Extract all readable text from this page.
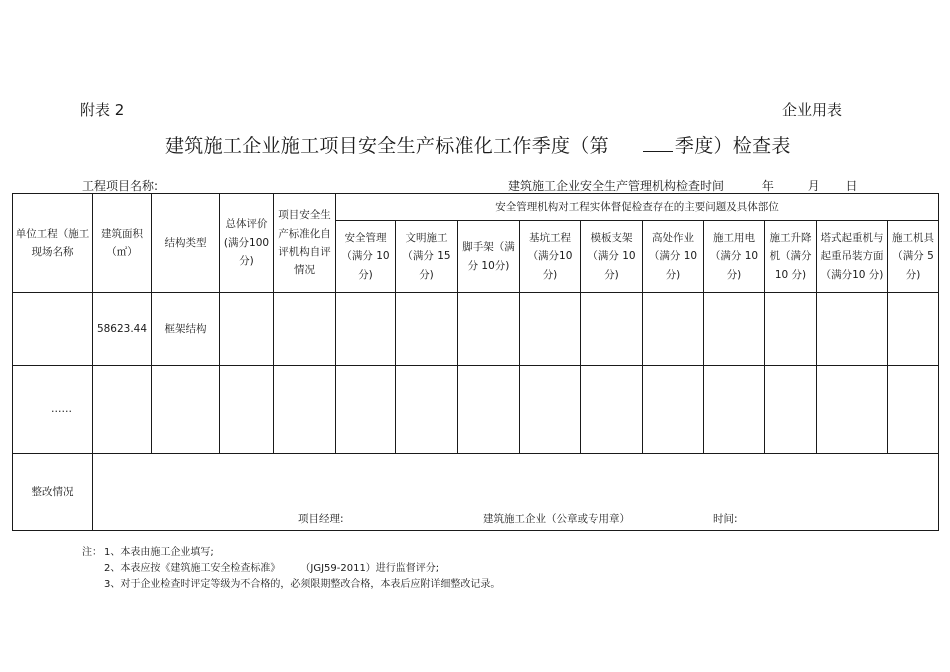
附表 2	企业用表
建筑施工企业施工项目安全生产标准化工作季度（第	季度）检查表
工程项目名称:	建筑施工企业安全生产管理机构检查时间	年	月 日
单位工程（施工现场名称	建筑面积（㎡）	结构类型	总体评价(满分100 分)	项目安全生产标准化自评机构自评情况	安全管理机构对工程实体督促检查存在的主要问题及具体部位									
					安全管理（满分 10分)	文明施工（满分 15分)	脚手架（满分 10分)	基坑工程（满分10 分)	模板支架（满分 10分)	高处作业（满分 10分)	施工用电（满分 10分)	施工升降机（满分10 分)	塔式起重机与起重吊装方面（满分10 分)	施工机具（满分 5分)
	58623.44	框架结构												
……														
整改情况	项目经理: 建筑施工企业（公章或专用章） 时间:													
注： 1、本表由施工企业填写;
2、本表应按《建筑施工安全检查标准》 （JGJ59-2011）进行监督评分;
3、对于企业检查时评定等级为不合格的，必须限期整改合格，本表后应附详细整改记录。
